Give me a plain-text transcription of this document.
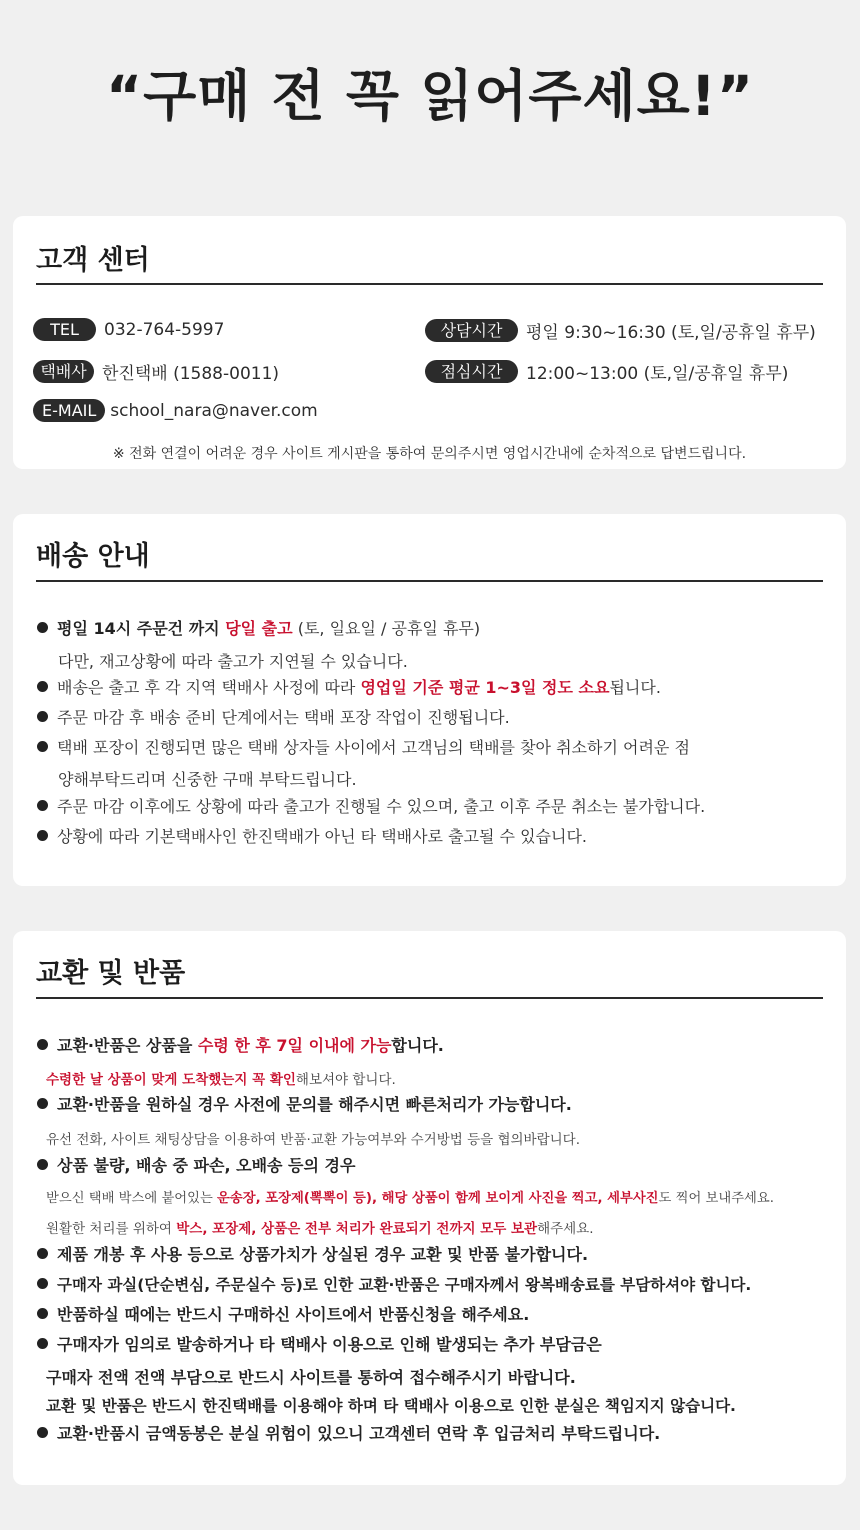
“구매 전 꼭 읽어주세요!”
고객 센터
TEL	032-764-5997
택배사 한진택배 (1588-0011)
E-MAIL school_nara@naver.com
상담시간	평일 9:30~16:30 (토,일/공휴일 휴무)
점심시간	12:00~13:00 (토,일/공휴일 휴무)
※ 전화 연결이 어려운 경우 사이트 게시판을 통하여 문의주시면 영업시간내에 순차적으로 답변드립니다.
배송 안내
평일 14시 주문건 까지 당일 출고 (토, 일요일 / 공휴일 휴무)
다만, 재고상황에 따라 출고가 지연될 수 있습니다.
배송은 출고 후 각 지역 택배사 사정에 따라 영업일 기준 평균 1~3일 정도 소요됩니다.
주문 마감 후 배송 준비 단계에서는 택배 포장 작업이 진행됩니다.
택배 포장이 진행되면 많은 택배 상자들 사이에서 고객님의 택배를 찾아 취소하기 어려운 점
양해부탁드리며 신중한 구매 부탁드립니다.
주문 마감 이후에도 상황에 따라 출고가 진행될 수 있으며, 출고 이후 주문 취소는 불가합니다.
상황에 따라 기본택배사인 한진택배가 아닌 타 택배사로 출고될 수 있습니다.
교환 및 반품
교환·반품은 상품을 수령 한 후 7일 이내에 가능합니다.
수령한 날 상품이 맞게 도착했는지 꼭 확인해보셔야 합니다.
교환·반품을 원하실 경우 사전에 문의를 해주시면 빠른처리가 가능합니다.
유선 전화, 사이트 채팅상담을 이용하여 반품·교환 가능여부와 수거방법 등을 협의바랍니다.
상품 불량, 배송 중 파손, 오배송 등의 경우
받으신 택배 박스에 붙어있는 운송장, 포장제(뽁뽁이 등), 해당 상품이 함께 보이게 사진을 찍고, 세부사진도 찍어 보내주세요.
원활한 처리를 위하여 박스, 포장제, 상품은 전부 처리가 완료되기 전까지 모두 보관해주세요.
제품 개봉 후 사용 등으로 상품가치가 상실된 경우 교환 및 반품 불가합니다.
구매자 과실(단순변심, 주문실수 등)로 인한 교환·반품은 구매자께서 왕복배송료를 부담하셔야 합니다.
반품하실 때에는 반드시 구매하신 사이트에서 반품신청을 해주세요.
구매자가 임의로 발송하거나 타 택배사 이용으로 인해 발생되는 추가 부담금은
구매자 전액 전액 부담으로 반드시 사이트를 통하여 접수해주시기 바랍니다.
교환 및 반품은 반드시 한진택배를 이용해야 하며 타 택배사 이용으로 인한 분실은 책임지지 않습니다.
교환·반품시 금액동봉은 분실 위험이 있으니 고객센터 연락 후 입금처리 부탁드립니다.
